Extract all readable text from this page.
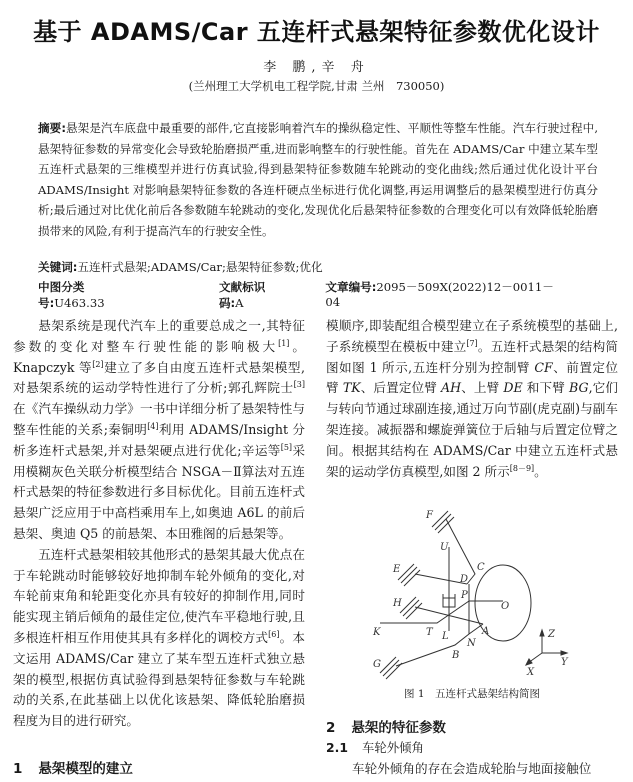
基于 ADAMS/Car 五连杆式悬架特征参数优化设计
李 鹏,辛 舟
(兰州理工大学机电工程学院,甘肃 兰州　730050)
摘要:悬架是汽车底盘中最重要的部件,它直接影响着汽车的操纵稳定性、平顺性等整车性能。汽车行驶过程中,悬架特征参数的异常变化会导致轮胎磨损严重,进而影响整车的行驶性能。首先在 ADAMS/Car 中建立某车型五连杆式悬架的三维模型并进行仿真试验,得到悬架特征参数随车轮跳动的变化曲线;然后通过优化设计平台 ADAMS/Insight 对影响悬架特征参数的各连杆硬点坐标进行优化调整,再运用调整后的悬架模型进行仿真分析;最后通过对比优化前后各参数随车轮跳动的变化,发现优化后悬架特征参数的合理变化可以有效降低轮胎磨损带来的风险,有利于提高汽车的行驶安全性。
关键词:五连杆式悬架;ADAMS/Car;悬架特征参数;优化
中图分类号:U463.33
文献标识码:A
文章编号:2095－509X(2022)12－0011－04

悬架系统是现代汽车上的重要总成之一,其特征参数的变化对整车行驶性能的影响极大[1]。Knapczyk 等[2]建立了多自由度五连杆式悬架模型,对悬架系统的运动学特性进行了分析;郭孔辉院士[3]在《汽车操纵动力学》一书中详细分析了悬架特性与整车性能的关系;秦铜明[4]利用 ADAMS/Insight 分析多连杆式悬架,并对悬架硬点进行优化;辛运等[5]采用模糊灰色关联分析模型结合 NSGA－Ⅱ算法对五连杆式悬架的特征参数进行多目标优化。目前五连杆式悬架广泛应用于中高档乘用车上,如奥迪 A6L 的前后悬架、奥迪 Q5 的前悬架、本田雅阁的后悬架等。

五连杆式悬架相较其他形式的悬架其最大优点在于车轮跳动时能够较好地抑制车轮外倾角的变化,对车轮前束角和轮距变化亦具有较好的抑制作用,同时能实现主销后倾角的最佳定位,使汽车平稳地行驶,且多根连杆相互作用使其具有多样化的调校方式[6]。本文运用 ADAMS/Car 建立了某车型五连杆式独立悬架的模型,根据仿真试验得到悬架特征参数与车轮跳动的关系,在此基础上以优化该悬架、降低轮胎磨损程度为目的进行研究。

1 悬架模型的建立

模顺序,即装配组合模型建立在子系统模型的基础上,子系统模型在模板中建立[7]。五连杆式悬架的结构简图如图 1 所示,五连杆分别为控制臂 CF、前置定位臂 TK、后置定位臂 AH、上臂 DE 和下臂 BG,它们与转向节通过球副连接,通过万向节副(虎克副)与副车架连接。减振器和螺旋弹簧位于后轴与后置定位臂之间。根据其结构在 ADAMS/Car 中建立五连杆式悬架的运动学仿真模型,如图 2 所示[8－9]。

F
U
C
E
D
P
H	O
K	T L	A
N
B
G
Z
Y
X
图 1　五连杆式悬架结构简图
2 悬架的特征参数
2.1 车轮外倾角
车轮外倾角的存在会造成轮胎与地面接触位
